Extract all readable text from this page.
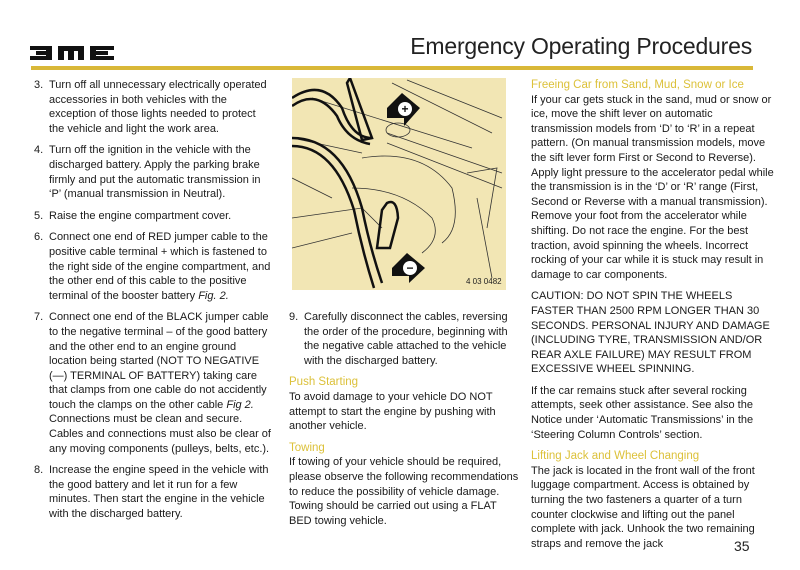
Emergency Operating Procedures
3. Turn off all unnecessary electrically operated accessories in both vehicles with the exception of those lights needed to protect the vehicle and light the work area.
4. Turn off the ignition in the vehicle with the discharged battery. Apply the parking brake firmly and put the automatic transmission in ‘P’ (manual transmission in Neutral).
5. Raise the engine compartment cover.
6. Connect one end of RED jumper cable to the positive cable terminal + which is fastened to the right side of the engine compartment, and the other end of this cable to the positive terminal of the booster battery Fig. 2.
7. Connect one end of the BLACK jumper cable to the negative terminal – of the good battery and the other end to an engine ground location being started (NOT TO NEGATIVE (—) TERMINAL OF BATTERY) taking care that clamps from one cable do not accidently touch the clamps on the other cable Fig 2. Connections must be clean and secure. Cables and connections must also be clear of any moving components (pulleys, belts, etc.).
8. Increase the engine speed in the vehicle with the good battery and let it run for a few minutes. Then start the engine in the vehicle with the discharged battery.
+
−
4 03 0482
9. Carefully disconnect the cables, reversing the order of the procedure, beginning with the negative cable attached to the vehicle with the discharged battery.
Push Starting

To avoid damage to your vehicle DO NOT attempt to start the engine by pushing with another vehicle.

Towing
If towing of your vehicle should be required, please observe the following recommendations to reduce the possibility of vehicle damage.
Towing should be carried out using a FLAT BED towing vehicle.
Freeing Car from Sand, Mud, Snow or Ice

If your car gets stuck in the sand, mud or snow or ice, move the shift lever on automatic transmission models from ‘D’ to ‘R’ in a repeat pattern. (On manual transmission models, move the sift lever form First or Second to Reverse). Apply light pressure to the accelerator pedal while the transmission is in the ‘D’ or ‘R’ range (First, Second or Reverse with a manual transmission). Remove your foot from the accelerator while shifting. Do not race the engine. For the best traction, avoid spinning the wheels. Incorrect rocking of your car while it is stuck may result in damage to car components.

CAUTION: DO NOT SPIN THE WHEELS FASTER THAN 2500 RPM LONGER THAN 30 SECONDS. PERSONAL INJURY AND DAMAGE (INCLUDING TYRE, TRANSMISSION AND/OR REAR AXLE FAILURE) MAY RESULT FROM EXCESSIVE WHEEL SPINNING.

If the car remains stuck after several rocking attempts, seek other assistance. See also the Notice under ‘Automatic Transmissions’ in the ‘Steering Column Controls’ section.

Lifting Jack and Wheel Changing
The jack is located in the front wall of the front luggage compartment. Access is obtained by turning the two fasteners a quarter of a turn counter clockwise and lifting out the panel complete with jack. Unhook the two remaining straps and remove the jack	35
